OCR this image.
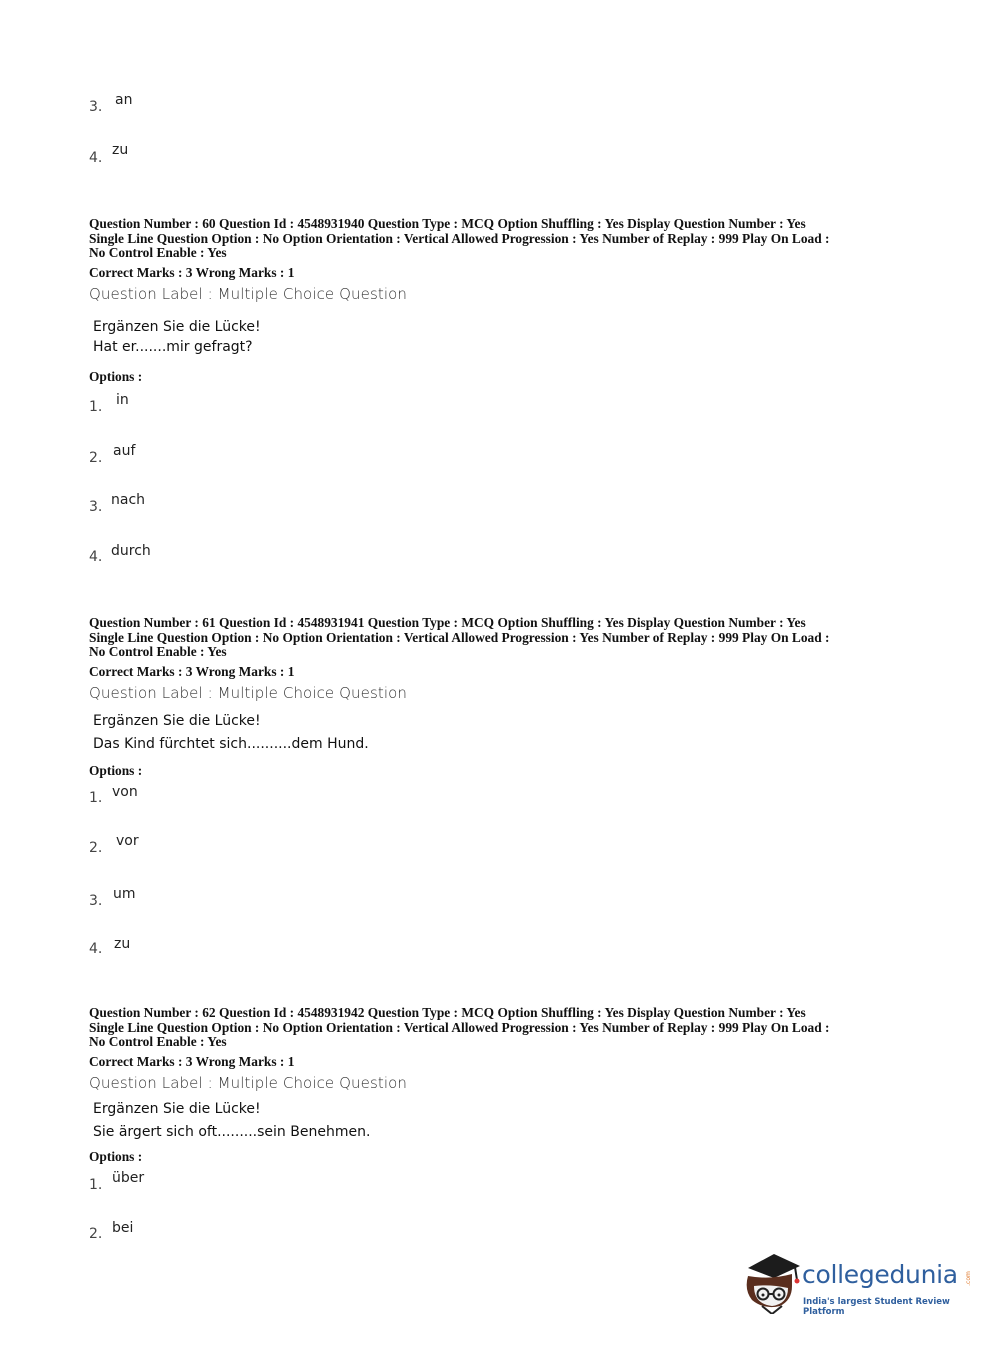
3. an
4. zu
Question Number : 60 Question Id : 4548931940 Question Type : MCQ Option Shuffling : Yes Display Question Number : Yes
Single Line Question Option : No Option Orientation : Vertical Allowed Progression : Yes Number of Replay : 999 Play On Load :
No Control Enable : Yes
Correct Marks : 3 Wrong Marks : 1
Question Label : Multiple Choice Question
Ergänzen Sie die Lücke!
Hat er.......mir gefragt?
Options :
1. in
2. auf
3. nach
4. durch
Question Number : 61 Question Id : 4548931941 Question Type : MCQ Option Shuffling : Yes Display Question Number : Yes
Single Line Question Option : No Option Orientation : Vertical Allowed Progression : Yes Number of Replay : 999 Play On Load :
No Control Enable : Yes
Correct Marks : 3 Wrong Marks : 1
Question Label : Multiple Choice Question
Ergänzen Sie die Lücke!
Das Kind fürchtet sich..........dem Hund.
Options :
1. von
2. vor
3. um
4. zu
Question Number : 62 Question Id : 4548931942 Question Type : MCQ Option Shuffling : Yes Display Question Number : Yes
Single Line Question Option : No Option Orientation : Vertical Allowed Progression : Yes Number of Replay : 999 Play On Load :
No Control Enable : Yes
Correct Marks : 3 Wrong Marks : 1
Question Label : Multiple Choice Question
Ergänzen Sie die Lücke!
Sie ärgert sich oft.........sein Benehmen.
Options :
1. über
2. bei
collegedunia .com
India's largest Student Review Platform
